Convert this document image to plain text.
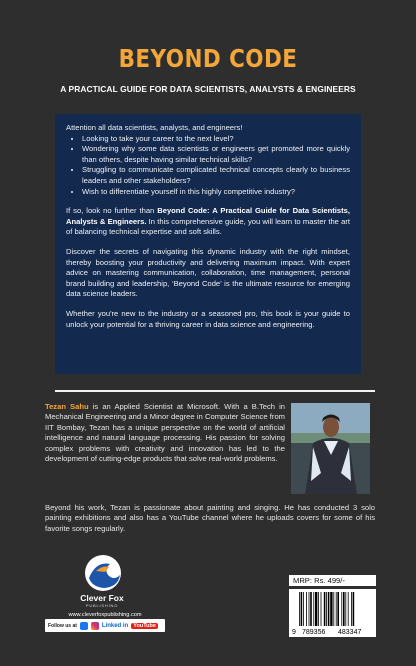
BEYOND CODE
A PRACTICAL GUIDE FOR DATA SCIENTISTS, ANALYSTS & ENGINEERS

Attention all data scientists, analysts, and engineers!

• Looking to take your career to the next level?
• Wondering why some data scientists or engineers get promoted more quickly than others, despite having similar technical skills?
• Struggling to communicate complicated technical concepts clearly to business leaders and other stakeholders?
• Wish to differentiate yourself in this highly competitive industry?

If so, look no further than Beyond Code: A Practical Guide for Data Scientists, Analysts & Engineers. In this comprehensive guide, you will learn to master the art of balancing technical expertise and soft skills.

Discover the secrets of navigating this dynamic industry with the right mindset, thereby boosting your productivity and delivering maximum impact. With expert advice on mastering communication, collaboration, time management, personal brand building and leadership, ‘Beyond Code’ is the ultimate resource for emerging data science leaders.

Whether you're new to the industry or a seasoned pro, this book is your guide to unlock your potential for a thriving career in data science and engineering.

Tezan Sahu is an Applied Scientist at Microsoft. With a B.Tech in Mechanical Engineering and a Minor degree in Computer Science from IIT Bombay, Tezan has a unique perspective on the world of artificial intelligence and natural language processing. His passion for solving complex problems with creativity and innovation has led to the development of cutting-edge products that solve real-world problems.
Beyond his work, Tezan is passionate about painting and singing. He has conducted 3 solo painting exhibitions and also has a YouTube channel where he uploads covers for some of his favorite songs regularly.
Clever Fox
PUBLISHING
www.cleverfoxpublishing.com
Follow us at	Linked in YouTube
MRP: Rs. 499/-
9 789356 483347
